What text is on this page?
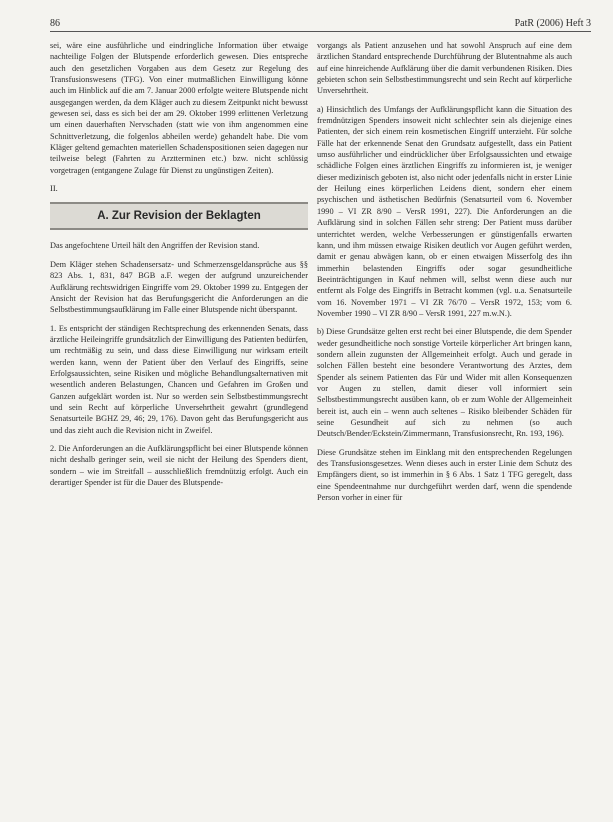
86	PatR (2006) Heft 3

sei, wäre eine ausführliche und eindringliche Information über etwaige nachteilige Folgen der Blutspende erforderlich gewesen. Dies entspreche auch den gesetzlichen Vorgaben aus dem Gesetz zur Regelung des Transfusionswesens (TFG). Von einer mutmaßlichen Einwilligung könne auch im Hinblick auf die am 7. Januar 2000 erfolgte weitere Blutspende nicht ausgegangen werden, da dem Kläger auch zu diesem Zeitpunkt nicht bewusst gewesen sei, dass es sich bei der am 29. Oktober 1999 erlittenen Verletzung um einen dauerhaften Nervschaden (statt wie von ihm angenommen eine Schnittverletzung, die folgenlos abheilen werde) gehandelt habe. Die vom Kläger geltend gemachten materiellen Schadenspositionen seien dagegen nur teilweise belegt (Fahrten zu Arztterminen etc.) bzw. nicht schlüssig vorgetragen (entgangene Zulage für Dienst zu ungünstigen Zeiten).

II.
A. Zur Revision der Beklagten

Das angefochtene Urteil hält den Angriffen der Revision stand.

Dem Kläger stehen Schadensersatz- und Schmerzensgeldansprüche aus §§ 823 Abs. 1, 831, 847 BGB a.F. wegen der aufgrund unzureichender Aufklärung rechtswidrigen Eingriffe vom 29. Oktober 1999 zu. Entgegen der Ansicht der Revision hat das Berufungsgericht die Anforderungen an die Selbstbestimmungsaufklärung im Falle einer Blutspende nicht überspannt.

1. Es entspricht der ständigen Rechtsprechung des erkennenden Senats, dass ärztliche Heileingriffe grundsätzlich der Einwilligung des Patienten bedürfen, um rechtmäßig zu sein, und dass diese Einwilligung nur wirksam erteilt werden kann, wenn der Patient über den Verlauf des Eingriffs, seine Erfolgsaussichten, seine Risiken und mögliche Behandlungsalternativen mit wesentlich anderen Belastungen, Chancen und Gefahren im Großen und Ganzen aufgeklärt worden ist. Nur so werden sein Selbstbestimmungsrecht und sein Recht auf körperliche Unversehrtheit gewahrt (grundlegend Senatsurteile BGHZ 29, 46; 29, 176). Davon geht das Berufungsgericht aus und das zieht auch die Revision nicht in Zweifel.

2. Die Anforderungen an die Aufklärungspflicht bei einer Blutspende können nicht deshalb geringer sein, weil sie nicht der Heilung des Spenders dient, sondern – wie im Streitfall – ausschließlich fremdnützig erfolgt. Auch ein derartiger Spender ist für die Dauer des Blutspende-

vorgangs als Patient anzusehen und hat sowohl Anspruch auf eine dem ärztlichen Standard entsprechende Durchführung der Blutentnahme als auch auf eine hinreichende Aufklärung über die damit verbundenen Risiken. Dies gebieten schon sein Selbstbestimmungsrecht und sein Recht auf körperliche Unversehrtheit.

a) Hinsichtlich des Umfangs der Aufklärungspflicht kann die Situation des fremdnützigen Spenders insoweit nicht schlechter sein als diejenige eines Patienten, der sich einem rein kosmetischen Eingriff unterzieht. Für solche Fälle hat der erkennende Senat den Grundsatz aufgestellt, dass ein Patient umso ausführlicher und eindrücklicher über Erfolgsaussichten und etwaige schädliche Folgen eines ärztlichen Eingriffs zu informieren ist, je weniger dieser medizinisch geboten ist, also nicht oder jedenfalls nicht in erster Linie der Heilung eines körperlichen Leidens dient, sondern eher einem psychischen und ästhetischen Bedürfnis (Senatsurteil vom 6. November 1990 – VI ZR 8/90 – VersR 1991, 227). Die Anforderungen an die Aufklärung sind in solchen Fällen sehr streng: Der Patient muss darüber unterrichtet werden, welche Verbesserungen er günstigenfalls erwarten kann, und ihm müssen etwaige Risiken deutlich vor Augen geführt werden, damit er genau abwägen kann, ob er einen etwaigen Misserfolg des ihn immerhin belastenden Eingriffs oder sogar gesundheitliche Beeinträchtigungen in Kauf nehmen will, selbst wenn diese auch nur entfernt als Folge des Eingriffs in Betracht kommen (vgl. u.a. Senatsurteile vom 16. November 1971 – VI ZR 76/70 – VersR 1972, 153; vom 6. November 1990 – VI ZR 8/90 – VersR 1991, 227 m.w.N.).

b) Diese Grundsätze gelten erst recht bei einer Blutspende, die dem Spender weder gesundheitliche noch sonstige Vorteile körperlicher Art bringen kann, sondern allein zugunsten der Allgemeinheit erfolgt. Auch und gerade in solchen Fällen besteht eine besondere Verantwortung des Arztes, dem Spender als seinem Patienten das Für und Wider mit allen Konsequenzen vor Augen zu stellen, damit dieser voll informiert sein Selbstbestimmungsrecht ausüben kann, ob er zum Wohle der Allgemeinheit bereit ist, auch ein – wenn auch seltenes – Risiko bleibender Schäden für seine Gesundheit auf sich zu nehmen (so auch Deutsch/Bender/Eckstein/Zimmermann, Transfusionsrecht, Rn. 193, 196).

Diese Grundsätze stehen im Einklang mit den entsprechenden Regelungen des Transfusionsgesetzes. Wenn dieses auch in erster Linie dem Schutz des Empfängers dient, so ist immerhin in § 6 Abs. 1 Satz 1 TFG geregelt, dass eine Spendeentnahme nur durchgeführt werden darf, wenn die spendende Person vorher in einer für
